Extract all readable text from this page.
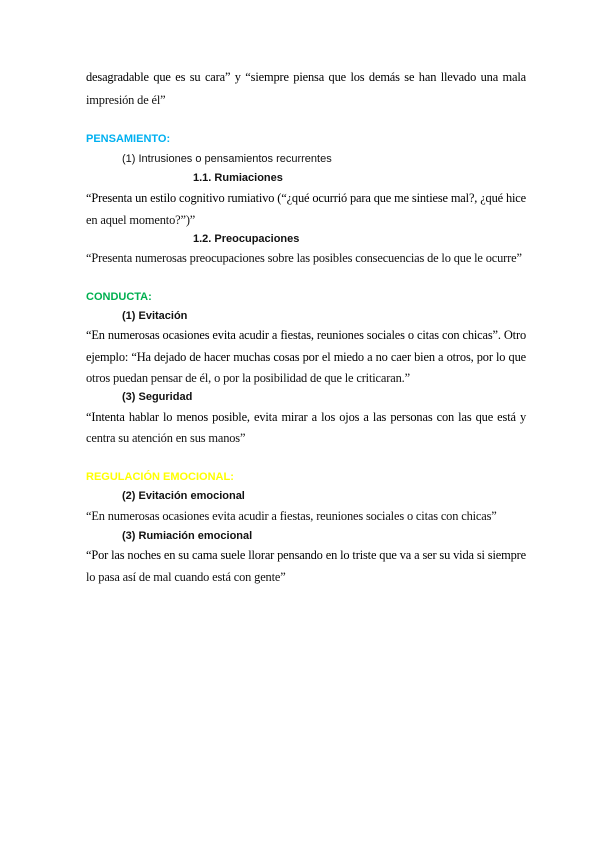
desagradable que es su cara” y “siempre piensa que los demás se han llevado una mala
impresión de él”
PENSAMIENTO:
(1) Intrusiones o pensamientos recurrentes
1.1. Rumiaciones
“Presenta un estilo cognitivo rumiativo (“¿qué ocurrió para que me sintiese mal?, ¿qué hice
en aquel momento?”)”
1.2. Preocupaciones
“Presenta numerosas preocupaciones sobre las posibles consecuencias de lo que le ocurre”
CONDUCTA:
(1) Evitación
“En numerosas ocasiones evita acudir a fiestas, reuniones sociales o citas con chicas”. Otro
ejemplo: “Ha dejado de hacer muchas cosas por el miedo a no caer bien a otros, por lo que
otros puedan pensar de él, o por la posibilidad de que le criticaran.”
(3) Seguridad
“Intenta hablar lo menos posible, evita mirar a los ojos a las personas con las que está y
centra su atención en sus manos”
REGULACIÓN EMOCIONAL:
(2) Evitación emocional
“En numerosas ocasiones evita acudir a fiestas, reuniones sociales o citas con chicas”
(3) Rumiación emocional
“Por las noches en su cama suele llorar pensando en lo triste que va a ser su vida si siempre
lo pasa así de mal cuando está con gente”
